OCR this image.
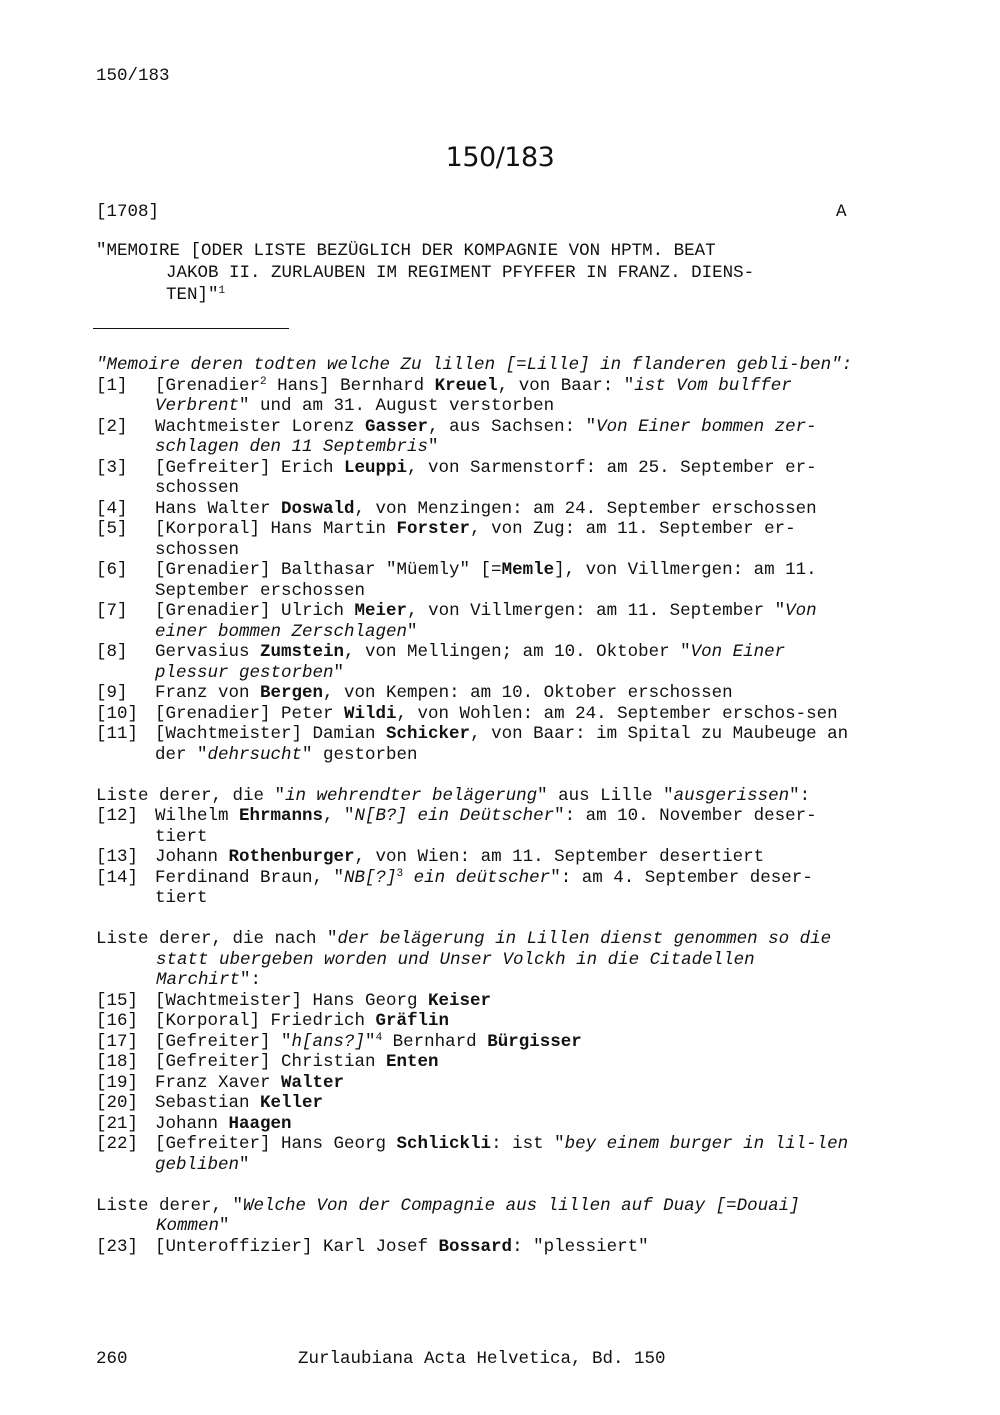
150/183
150/183
[1708]	A
"MEMOIRE [ODER LISTE BEZÜGLICH DER KOMPAGNIE VON HPTM. BEAT
JAKOB II. ZURLAUBEN IM REGIMENT PFYFFER IN FRANZ. DIENS-
TEN]"$^1$
"Memoire deren todten welche Zu lillen [=Lille] in flanderen gebli-ben":
[1]	[Grenadier$^2$ Hans] Bernhard Kreuel, von Baar: "ist Vom bulffer Verbrent" und am 31. August verstorben
[2]	Wachtmeister Lorenz Gasser, aus Sachsen: "Von Einer bommen zer-schlagen den 11 Septembris"
[3]	[Gefreiter] Erich Leuppi, von Sarmenstorf: am 25. September er-schossen
[4]	Hans Walter Doswald, von Menzingen: am 24. September erschossen
[5]	[Korporal] Hans Martin Forster, von Zug: am 11. September er-schossen
[6]	[Grenadier] Balthasar "Müemly" [=Memle], von Villmergen: am 11. September erschossen
[7]	[Grenadier] Ulrich Meier, von Villmergen: am 11. September "Von einer bommen Zerschlagen"
[8]	Gervasius Zumstein, von Mellingen; am 10. Oktober "Von Einer plessur gestorben"
[9]	Franz von Bergen, von Kempen: am 10. Oktober erschossen
[10] [Grenadier] Peter Wildi, von Wohlen: am 24. September erschos-sen
[11] [Wachtmeister] Damian Schicker, von Baar: im Spital zu Maubeuge an der "dehrsucht" gestorben
Liste derer, die "in wehrendter belägerung" aus Lille "ausgerissen":
[12] Wilhelm Ehrmanns, "N[B?] ein Deütscher": am 10. November deser-tiert
[13] Johann Rothenburger, von Wien: am 11. September desertiert
[14] Ferdinand Braun, "NB[?]$^3$ ein deütscher": am 4. September deser-tiert
Liste derer, die nach "der belägerung in Lillen dienst genommen so die statt ubergeben worden und Unser Volckh in die Citadellen Marchirt":
[15] [Wachtmeister] Hans Georg Keiser
[16] [Korporal] Friedrich Gräflin
[17] [Gefreiter] "h[ans?]"$^4$ Bernhard Bürgisser
[18] [Gefreiter] Christian Enten
[19] Franz Xaver Walter
[20] Sebastian Keller
[21] Johann Haagen
[22] [Gefreiter] Hans Georg Schlickli: ist "bey einem burger in lil-len gebliben"
Liste derer, "Welche Von der Compagnie aus lillen auf Duay [=Douai] Kommen"
[23] [Unteroffizier] Karl Josef Bossard: "plessiert"
260	Zurlaubiana Acta Helvetica, Bd. 150
